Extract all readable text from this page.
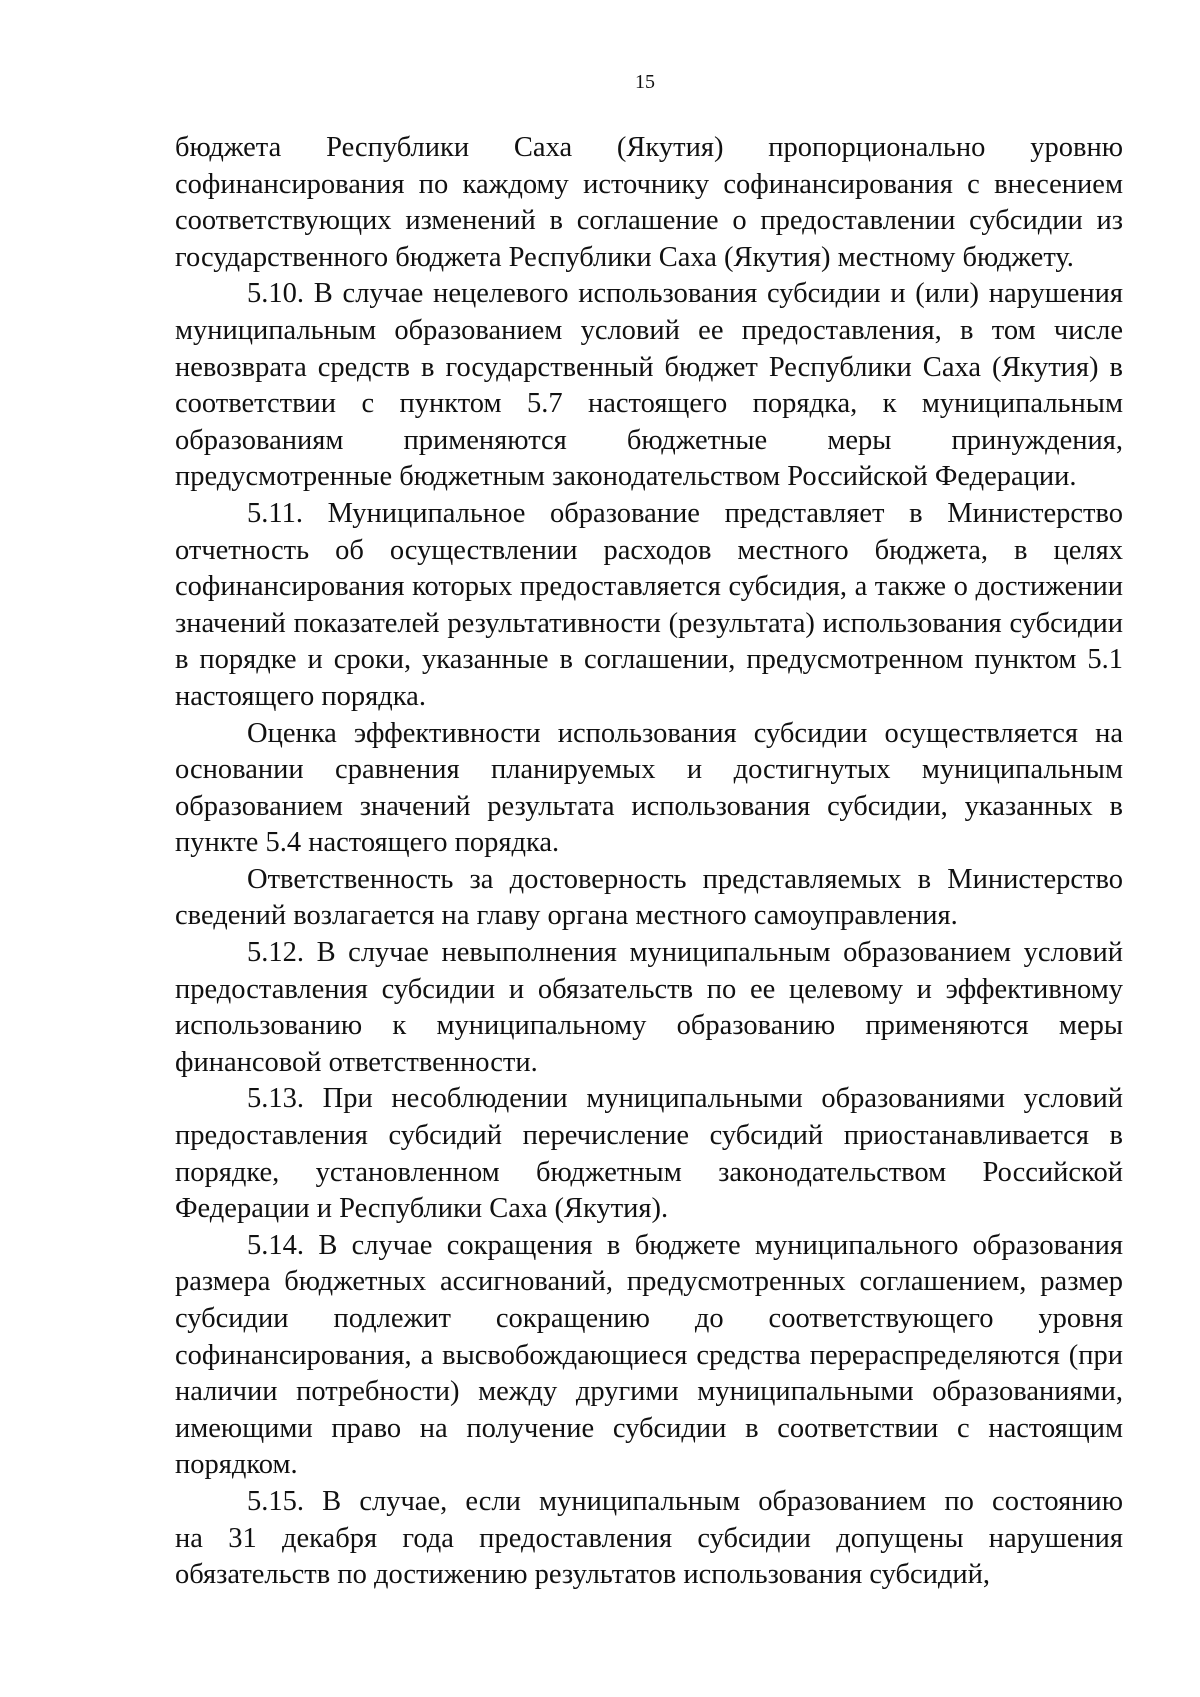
15
бюджета Республики Саха (Якутия) пропорционально уровню
софинансирования по каждому источнику софинансирования с внесением
соответствующих изменений в соглашение о предоставлении субсидии из
государственного бюджета Республики Саха (Якутия) местному бюджету.
5.10. В случае нецелевого использования субсидии и (или) нарушения
муниципальным образованием условий ее предоставления, в том числе
невозврата средств в государственный бюджет Республики Саха (Якутия) в
соответствии с пунктом 5.7 настоящего порядка, к муниципальным
образованиям применяются бюджетные меры принуждения,
предусмотренные бюджетным законодательством Российской Федерации.
5.11. Муниципальное образование представляет в Министерство
отчетность об осуществлении расходов местного бюджета, в целях
софинансирования которых предоставляется субсидия, а также о достижении
значений показателей результативности (результата) использования субсидии
в порядке и сроки, указанные в соглашении, предусмотренном пунктом 5.1
настоящего порядка.
Оценка эффективности использования субсидии осуществляется на
основании сравнения планируемых и достигнутых муниципальным
образованием значений результата использования субсидии, указанных в
пункте 5.4 настоящего порядка.
Ответственность за достоверность представляемых в Министерство
сведений возлагается на главу органа местного самоуправления.
5.12. В случае невыполнения муниципальным образованием условий
предоставления субсидии и обязательств по ее целевому и эффективному
использованию к муниципальному образованию применяются меры
финансовой ответственности.
5.13. При несоблюдении муниципальными образованиями условий
предоставления субсидий перечисление субсидий приостанавливается в
порядке, установленном бюджетным законодательством Российской
Федерации и Республики Саха (Якутия).
5.14. В случае сокращения в бюджете муниципального образования
размера бюджетных ассигнований, предусмотренных соглашением, размер
субсидии подлежит сокращению до соответствующего уровня
софинансирования, а высвобождающиеся средства перераспределяются (при
наличии потребности) между другими муниципальными образованиями,
имеющими право на получение субсидии в соответствии с настоящим
порядком.
5.15. В случае, если муниципальным образованием по состоянию
на 31 декабря года предоставления субсидии допущены нарушения
обязательств по достижению результатов использования субсидий,
